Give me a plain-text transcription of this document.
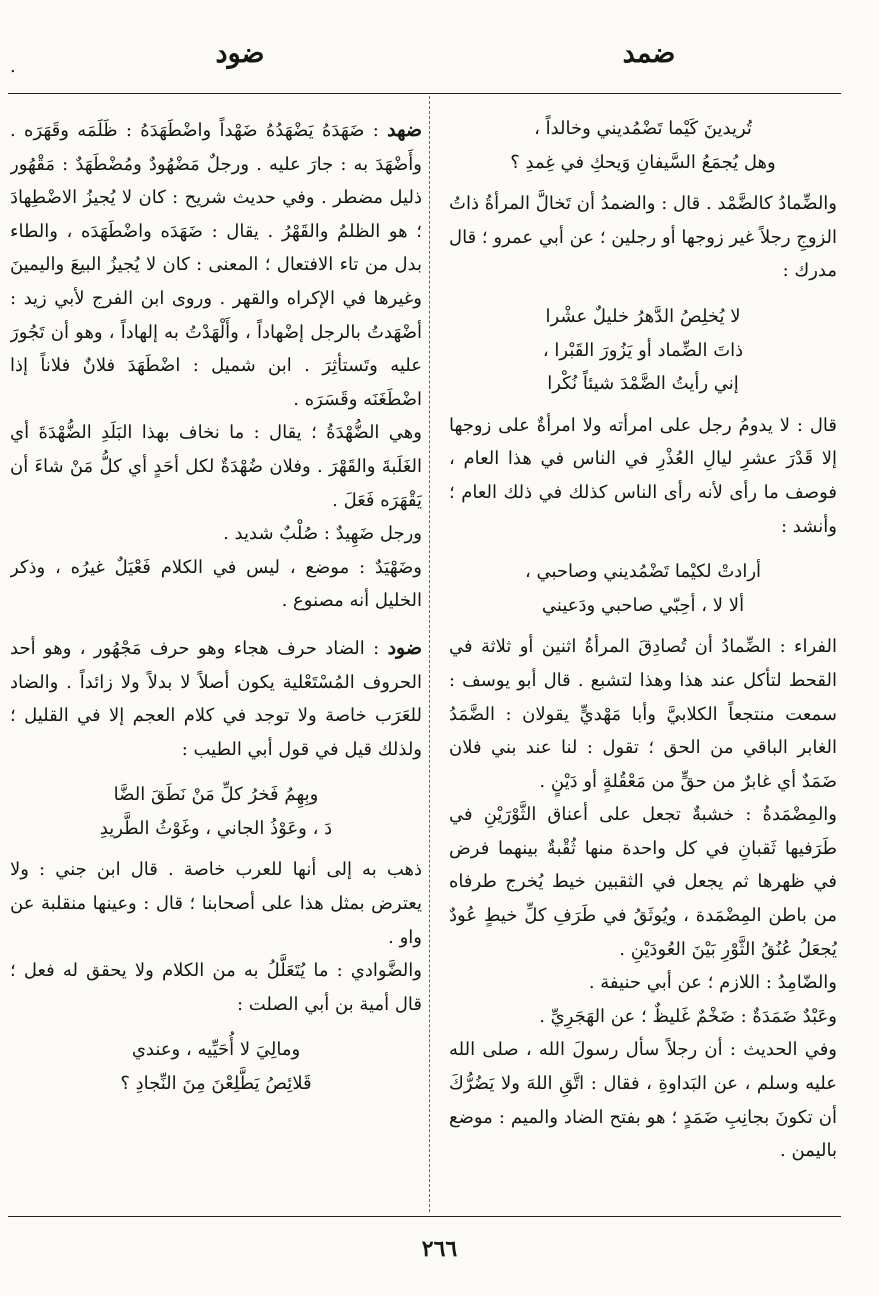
ضمد
ضود
.
تُريدينَ كَيْما تَضْمُديني وخالداً ،
وهل يُجمَعُ السَّيفانِ وَيحكِ في غِمدِ ؟

والضِّمادُ كالضَّمْد . قال : والضمدُ أن تَخالَّ المرأةُ ذاتُ الزوجِ رجلاً غير زوجها أو رجلين ؛ عن أبي عمرو ؛ قال مدرك :

لا يُخلِصُ الدَّهرُ خليلٌ عشْرا
ذاتَ الضِّماد أو يَزُورَ القَبْرا ،
إني رأيتُ الضَّمْدَ شيئاً نُكْرا

قال : لا يدومُ رجل على امرأته ولا امرأةٌ على زوجها إلا قَدْرَ عشرِ ليالِ العُذْرِ في الناس في هذا العام ، فوصف ما رأى لأنه رأى الناس كذلك في ذلك العام ؛ وأنشد :

أرادتْ لكيْما تَضْمُديني وصاحبي ،
ألا لا ، أحِبّي صاحبي ودَعيني

الفراء : الضِّمادُ أن تُصادِقَ المرأةُ اثنين أو ثلاثة في القحط لتأكل عند هذا وهذا لتشبع . قال أبو يوسف : سمعت منتجعاً الكلابيَّ وأبا مَهْديٍّ يقولان : الضَّمَدُ الغابر الباقي من الحق ؛ تقول : لنا عند بني فلان ضَمَدٌ أي غابرٌ من حقٍّ من مَعْقُلةٍ أو دَيْنٍ .

والمِضْمَدةُ : خشبةٌ تجعل على أعناق الثَّوْرَيْنِ في طَرَفيها ثَقبانِ في كل واحدة منها ثُقْبةٌ بينهما فرض في ظهرها ثم يجعل في الثقبين خيط يُخرج طرفاه من باطن المِضْمَدة ، ويُوثَقُ في طَرَفِ كلِّ خيطٍ عُودٌ يُجعَلُ عُنُقُ الثَّوْرِ بَيْنَ العُودَيْنِ .

والضّامِدُ : اللازم ؛ عن أبي حنيفة .

وعَبْدٌ ضَمَدَةٌ : ضَخْمٌ غَليظٌ ؛ عن الهَجَرِيِّ .

وفي الحديث : أن رجلاً سأل رسولَ الله ، صلى الله عليه وسلم ، عن البَداوةِ ، فقال : اتَّقِ اللهَ ولا يَضُرُّكَ أن تكونَ بجانِبِ ضَمَدٍ ؛ هو بفتح الضاد والميم : موضع باليمن .

ضهد : ضَهَدَهُ يَضْهَدُهُ ضَهْداً واضْطَهَدَهُ : ظَلَمَه وقَهَرَه . وأَضْهَدَ به : جارَ عليه . ورجلٌ مَضْهُودٌ ومُضْطَهَدٌ : مَقْهُور ذليل مضطر . وفي حديث شريح : كان لا يُجيزُ الاضْطِهادَ ؛ هو الظلمُ والقَهْرُ . يقال : ضَهَدَه واضْطَهَدَه ، والطاء بدل من تاء الافتعال ؛ المعنى : كان لا يُجيزُ البيعَ واليمينَ وغيرها في الإكراه والقهر . وروى ابن الفرج لأبي زيد : أضْهَدتُ بالرجل إضْهاداً ، وأَلْهَدْتُ به إلهاداً ، وهو أن تَجُورَ عليه وتَستأثِرَ . ابن شميل : اضْطَهَدَ فلانٌ فلاناً إذا اضْطَغَنَه وقَسَرَه .

وهي الضُّهْدَةُ ؛ يقال : ما نخاف بهذا البَلَدِ الضُّهْدَةَ أي الغَلَبةَ والقَهْرَ . وفلان ضُهْدَةٌ لكل أحَدٍ أي كلُّ مَنْ شاءَ أن يَقْهَرَه فَعَلَ .

ورجل ضَهِيدٌ : صُلْبٌ شديد .

وضَهْيَدٌ : موضع ، ليس في الكلام فَعْيَلٌ غيرُه ، وذكر الخليل أنه مصنوع .

ضود : الضاد حرف هجاء وهو حرف مَجْهُور ، وهو أحد الحروف المُسْتَعْلية يكون أصلاً لا بدلاً ولا زائداً . والضاد للعَرَب خاصة ولا توجد في كلام العجم إلا في القليل ؛ ولذلك قيل في قول أبي الطيب :

وبِهِمُ فَخرُ كلِّ مَنْ نَطَقَ الضَّا
دَ ، وعَوْذُ الجاني ، وغَوْثُ الطَّريدِ

ذهب به إلى أنها للعرب خاصة . قال ابن جني : ولا يعترض بمثل هذا على أصحابنا ؛ قال : وعينها منقلبة عن واو .

والضَّوادي : ما يُتَعَلَّلُ به من الكلام ولا يحقق له فعل ؛ قال أمية بن أبي الصلت :

ومالِيَ لا أُحَيِّيه ، وعندي
قَلائِصُ يَطَّلِعْنَ مِنَ النِّجادِ ؟
٢٦٦
